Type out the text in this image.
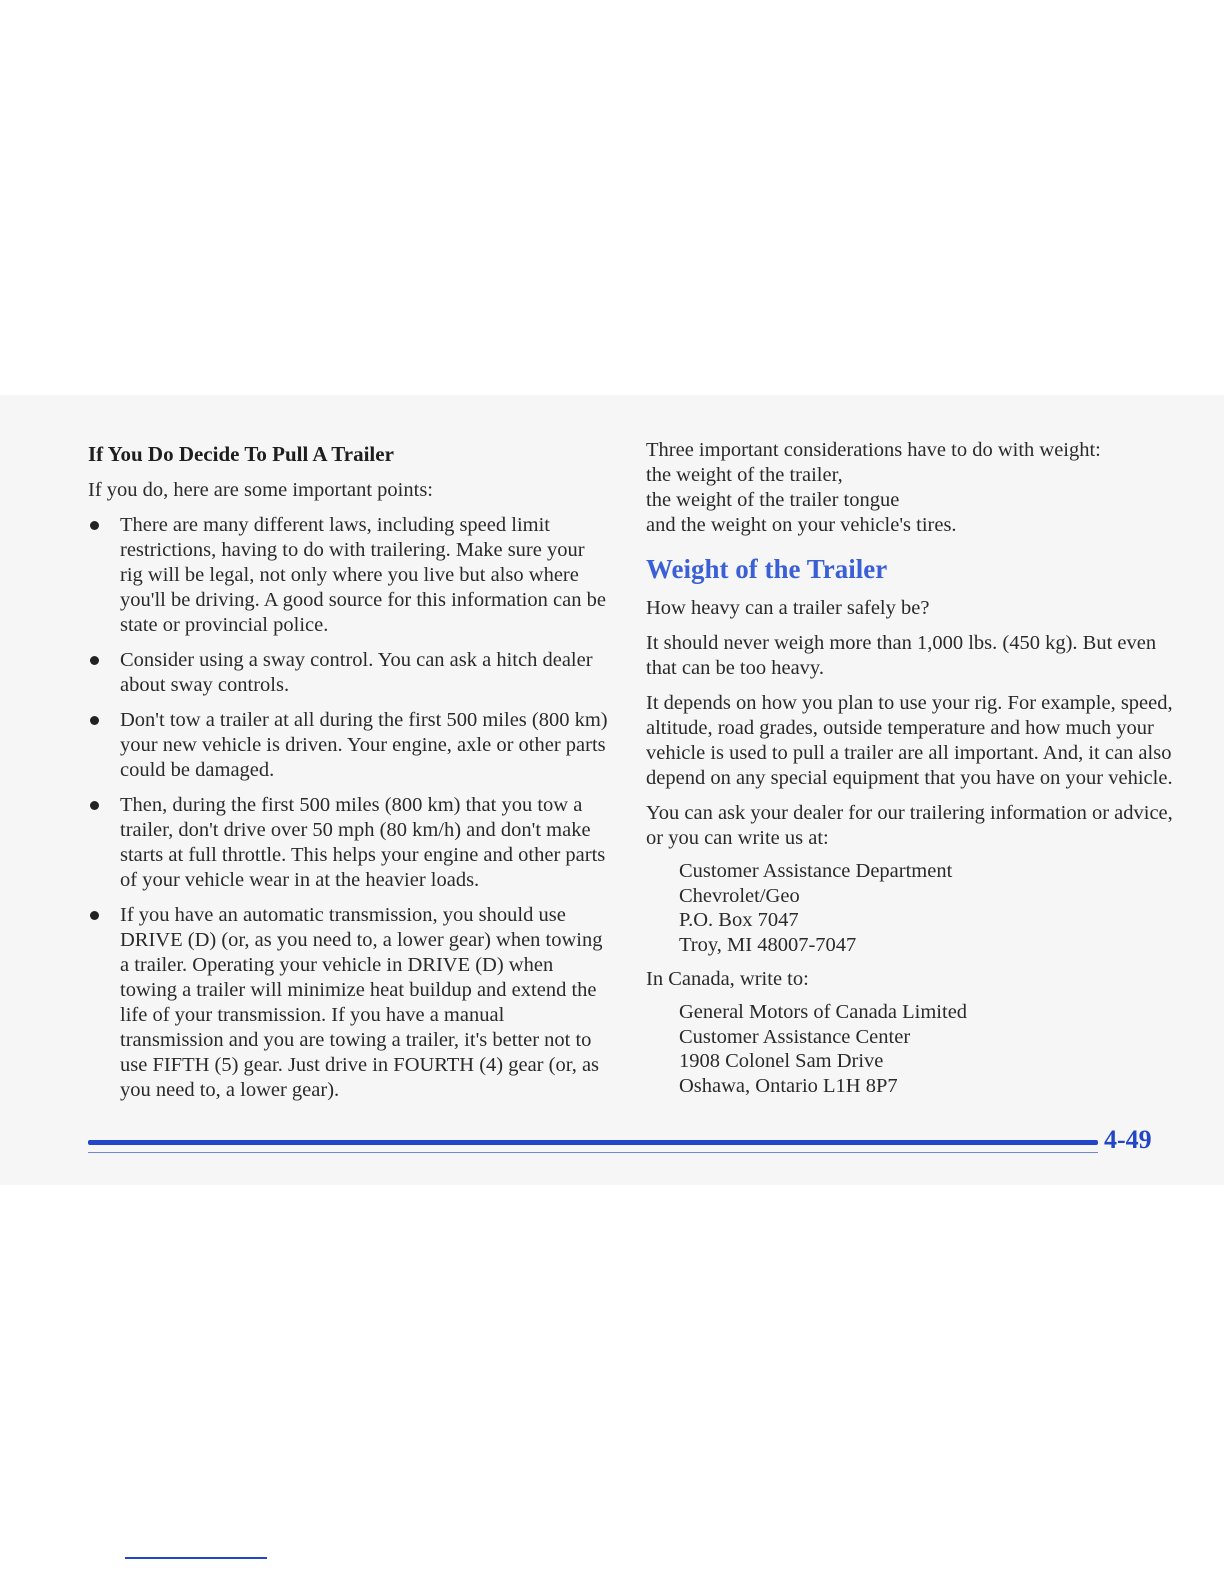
If You Do Decide To Pull A Trailer

If you do, here are some important points:

There are many different laws, including speed limit restrictions, having to do with trailering. Make sure your rig will be legal, not only where you live but also where you'll be driving. A good source for this information can be state or provincial police.
Consider using a sway control. You can ask a hitch dealer about sway controls.
Don't tow a trailer at all during the first 500 miles (800 km) your new vehicle is driven. Your engine, axle or other parts could be damaged.
Then, during the first 500 miles (800 km) that you tow a trailer, don't drive over 50 mph (80 km/h) and don't make starts at full throttle. This helps your engine and other parts of your vehicle wear in at the heavier loads.
If you have an automatic transmission, you should use DRIVE (D) (or, as you need to, a lower gear) when towing a trailer. Operating your vehicle in DRIVE (D) when towing a trailer will minimize heat buildup and extend the life of your transmission. If you have a manual transmission and you are towing a trailer, it's better not to use FIFTH (5) gear. Just drive in FOURTH (4) gear (or, as you need to, a lower gear).

Three important considerations have to do with weight:

the weight of the trailer,

the weight of the trailer tongue

and the weight on your vehicle's tires.

Weight of the Trailer

How heavy can a trailer safely be?

It should never weigh more than 1,000 lbs. (450 kg). But even that can be too heavy.

It depends on how you plan to use your rig. For example, speed, altitude, road grades, outside temperature and how much your vehicle is used to pull a trailer are all important. And, it can also depend on any special equipment that you have on your vehicle.

You can ask your dealer for our trailering information or advice, or you can write us at:

Customer Assistance Department
Chevrolet/Geo
P.O. Box 7047
Troy, MI 48007-7047

In Canada, write to:

General Motors of Canada Limited
Customer Assistance Center
1908 Colonel Sam Drive
Oshawa, Ontario L1H 8P7
4-49
